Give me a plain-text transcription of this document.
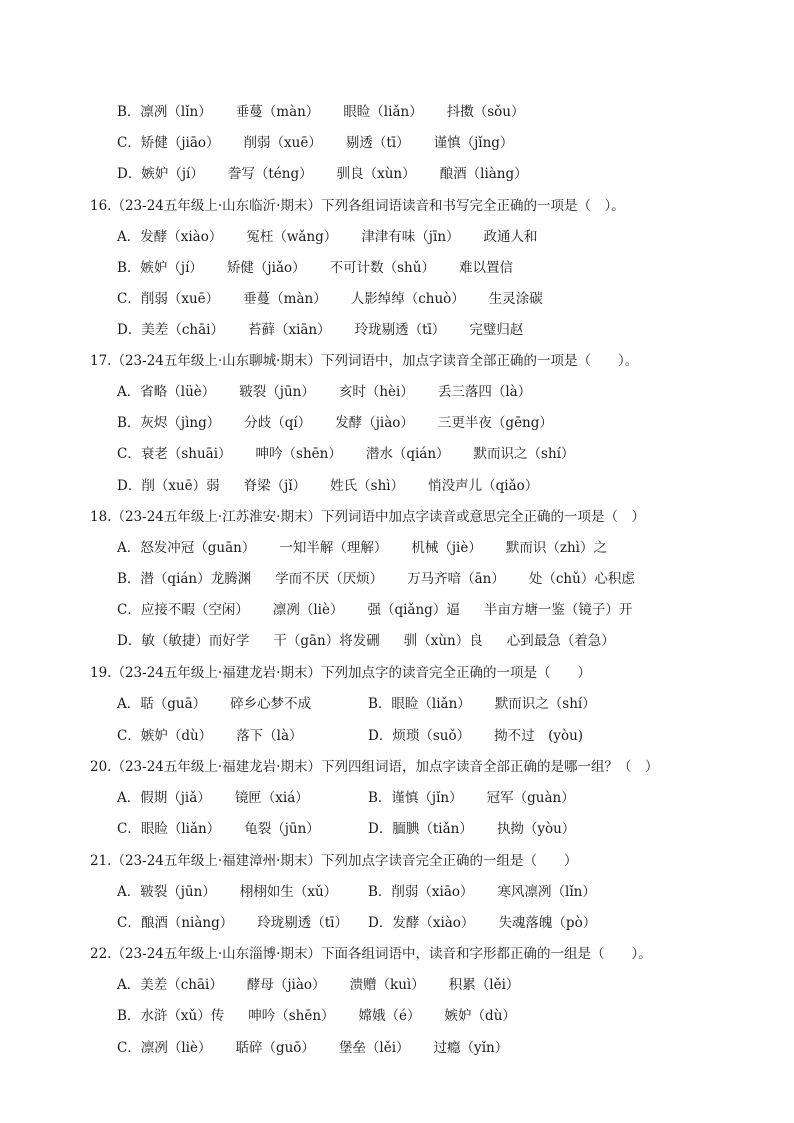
B．凛冽（lǐn） 垂蔓（màn） 眼睑（liǎn） 抖擞（sǒu）
C．矫健（jiāo） 削弱（xuē） 剔透（tī） 谨慎（jǐng）
D．嫉妒（jí） 誊写（téng） 驯良（xùn） 酿酒（liàng）
16.（23-24五年级上·山东临沂·期末）下列各组词语读音和书写完全正确的一项是（　）。
A．发酵（xiào） 冤枉（wǎng） 津津有味（jīn） 政通人和
B．嫉妒（jí） 矫健（jiǎo） 不可计数（shǔ） 难以置信
C．削弱（xuē） 垂蔓（màn） 人影绰绰（chuò） 生灵涂碳
D．美差（chāi） 苔藓（xiān） 玲珑剔透（tī） 完璧归赵
17.（23-24五年级上·山东聊城·期末）下列词语中，加点字读音全部正确的一项是（　　）。
A．省略（lüè） 皲裂（jūn） 亥时（hèi） 丢三落四（là）
B．灰烬（jìng） 分歧（qí） 发酵（jiào） 三更半夜（gēng）
C．衰老（shuāi） 呻吟（shēn） 潜水（qián） 默而识之（shí）
D．削（xuē）弱 脊梁（jǐ） 姓氏（shì） 悄没声儿（qiǎo）
18.（23-24五年级上·江苏淮安·期末）下列词语中加点字读音或意思完全正确的一项是（　）
A．怒发冲冠（guān） 一知半解（理解） 机械（jiè） 默而识（zhì）之
B．潜（qián）龙腾渊 学而不厌（厌烦） 万马齐喑（ān） 处（chǔ）心积虑
C．应接不暇（空闲） 凛冽（liè） 强（qiǎng）逼 半亩方塘一鉴（镜子）开
D．敏（敏捷）而好学 干（gān）将发硎 驯（xùn）良 心到最急（着急）
19.（23-24五年级上·福建龙岩·期末）下列加点字的读音完全正确的一项是（　　）
A．聒（guā） 碎乡心梦不成	B．眼睑（liǎn） 默而识之（shí）
C．嫉妒（dù） 落下（là）	D．烦琐（suǒ） 拗不过　(yòu)
20.（23-24五年级上·福建龙岩·期末）下列四组词语，加点字读音全部正确的是哪一组？（　）
A．假期（jiǎ） 镜匣（xiá）	B．谨慎（jǐn） 冠军（guàn）
C．眼睑（liǎn） 龟裂（jūn）	D．腼腆（tiǎn） 执拗（yòu）
21.（23-24五年级上·福建漳州·期末）下列加点字读音完全正确的一组是（　　）
A．皲裂（jūn） 栩栩如生（xǔ） B．削弱（xiāo） 寒风凛冽（lǐn）
C．酿酒（niàng） 玲珑剔透（tī） D．发酵（xiào） 失魂落魄（pò）
22.（23-24五年级上·山东淄博·期末）下面各组词语中，读音和字形都正确的一组是（　　）。
A．美差（chāi） 酵母（jiào） 溃赠（kuì） 积累（lěi）
B．水浒（xǔ）传 呻吟（shēn） 嫦娥（é） 嫉妒（dù）
C．凛冽（liè） 聒碎（guō） 堡垒（lěi） 过瘾（yǐn）
